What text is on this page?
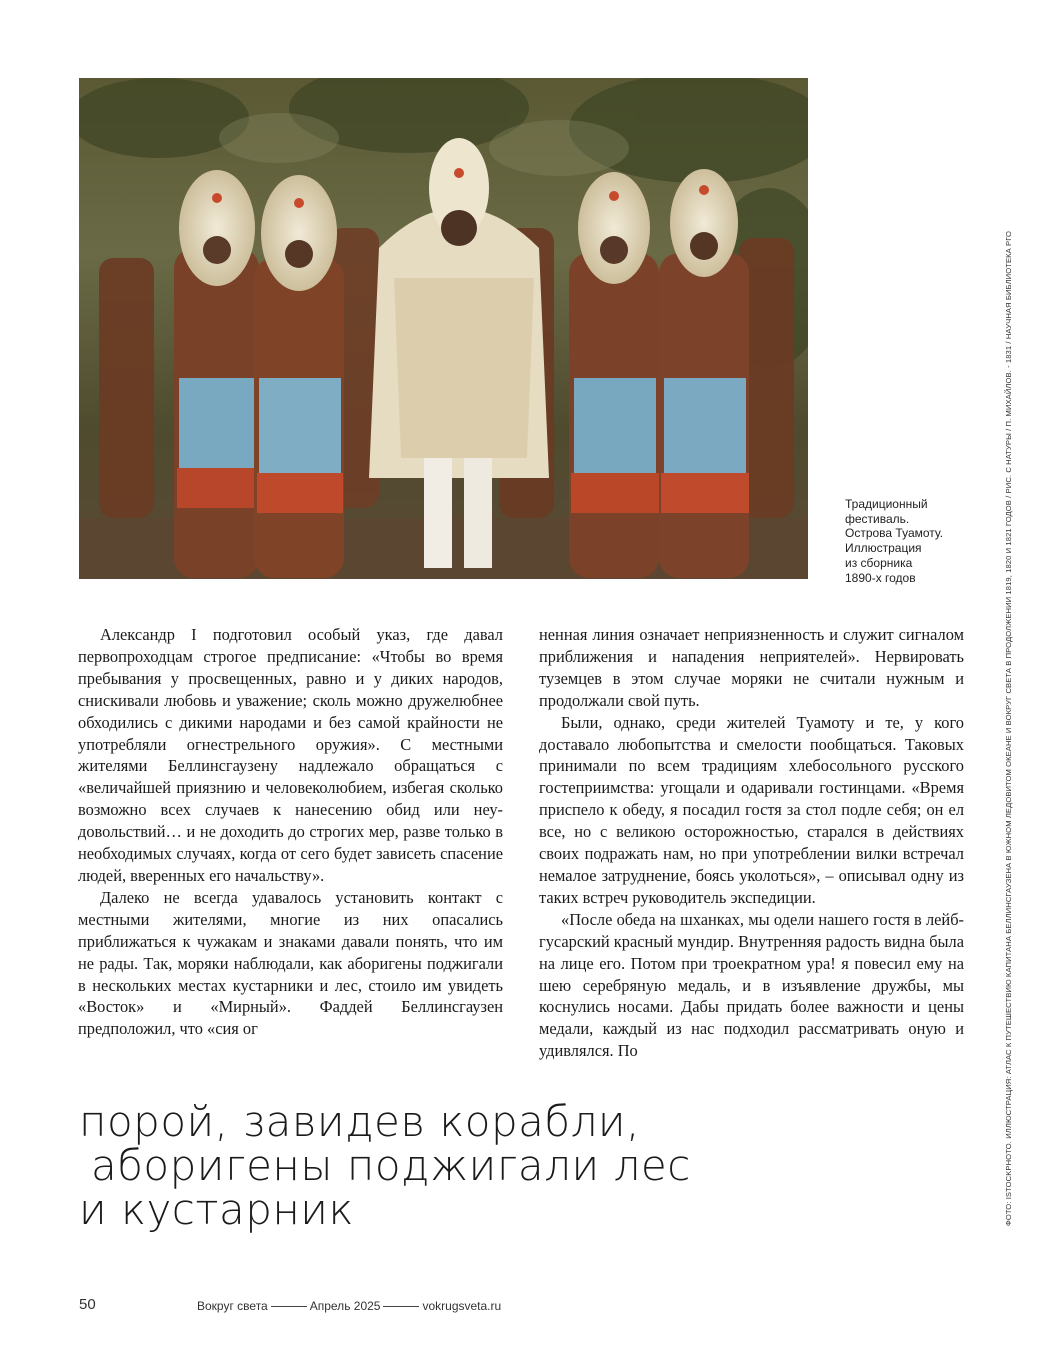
Традиционный
фестиваль.
Острова Туамоту.
Иллюстрация
из сборника
1890-х годов

Александр I подготовил особый указ, где давал первопроходцам строгое предписание: «Чтобы во время пребывания у просвещенных, равно и у диких народов, снискивали любовь и уважение; сколь можно дружелюбнее обходились с дикими народами и без самой крайности не употребляли огнестрельного оружия». С местными жителями Беллинсгаузену надлежало обращаться с «величайшей приязнию и человеколюбием, избегая сколько возможно всех случаев к нанесению обид или неудовольствий… и не доходить до строгих мер, разве только в необходимых случаях, когда от сего будет зависеть спасение людей, вверенных его начальству».

Далеко не всегда удавалось установить контакт с местными жителями, многие из них опасались приближаться к чужакам и знаками давали понять, что им не рады. Так, моряки наблюдали, как аборигены поджигали в нескольких местах кустарники и лес, стоило им увидеть «Восток» и «Мирный». Фаддей Беллинсгаузен предположил, что «сия ог

ненная линия означает неприязненность и служит сигналом приближения и нападения неприятелей». Нервировать туземцев в этом случае моряки не считали нужным и продолжали свой путь.

Были, однако, среди жителей Туамоту и те, у кого доставало любопытства и смелости пообщаться. Таковых принимали по всем традициям хлебосольного русского гостеприимства: угощали и одаривали гостинцами. «Время приспело к обеду, я посадил гостя за стол подле себя; он ел все, но с великою осторожностью, старался в действиях своих подражать нам, но при употреблении вилки встречал немалое затруднение, боясь уколоться», – описывал одну из таких встреч руководитель экспедиции.

«После обеда на шханках, мы одели нашего гостя в лейб-гусарский красный мундир. Внутренняя радость видна была на лице его. Потом при троекратном ура! я повесил ему на шею серебряную медаль, и в изъявление дружбы, мы коснулись носами. Дабы придать более важности и цены медали, каждый из нас подходил рассматривать оную и удивлялся. По

порой, завидев корабли,
аборигены поджигали лес
и кустарник	ФОТО: ISTOCKPHOTO. ИЛЛЮСТРАЦИЯ: АТЛАС К ПУТЕШЕСТВИЮ КАПИТАНА БЕЛЛИНСГАУЗЕНА В ЮЖНОМ ЛЕДОВИТОМ ОКЕАНЕ И ВОКРУГ СВЕТА В ПРОДОЛЖЕНИИ 1819, 1820 И 1821 ГОДОВ / РИС. С НАТУРЫ / П. МИХАЙЛОВ. - 1831 / НАУЧНАЯ БИБЛИОТЕКА РГО
50	Вокруг света	Апрель 2025	vokrugsveta.ru
